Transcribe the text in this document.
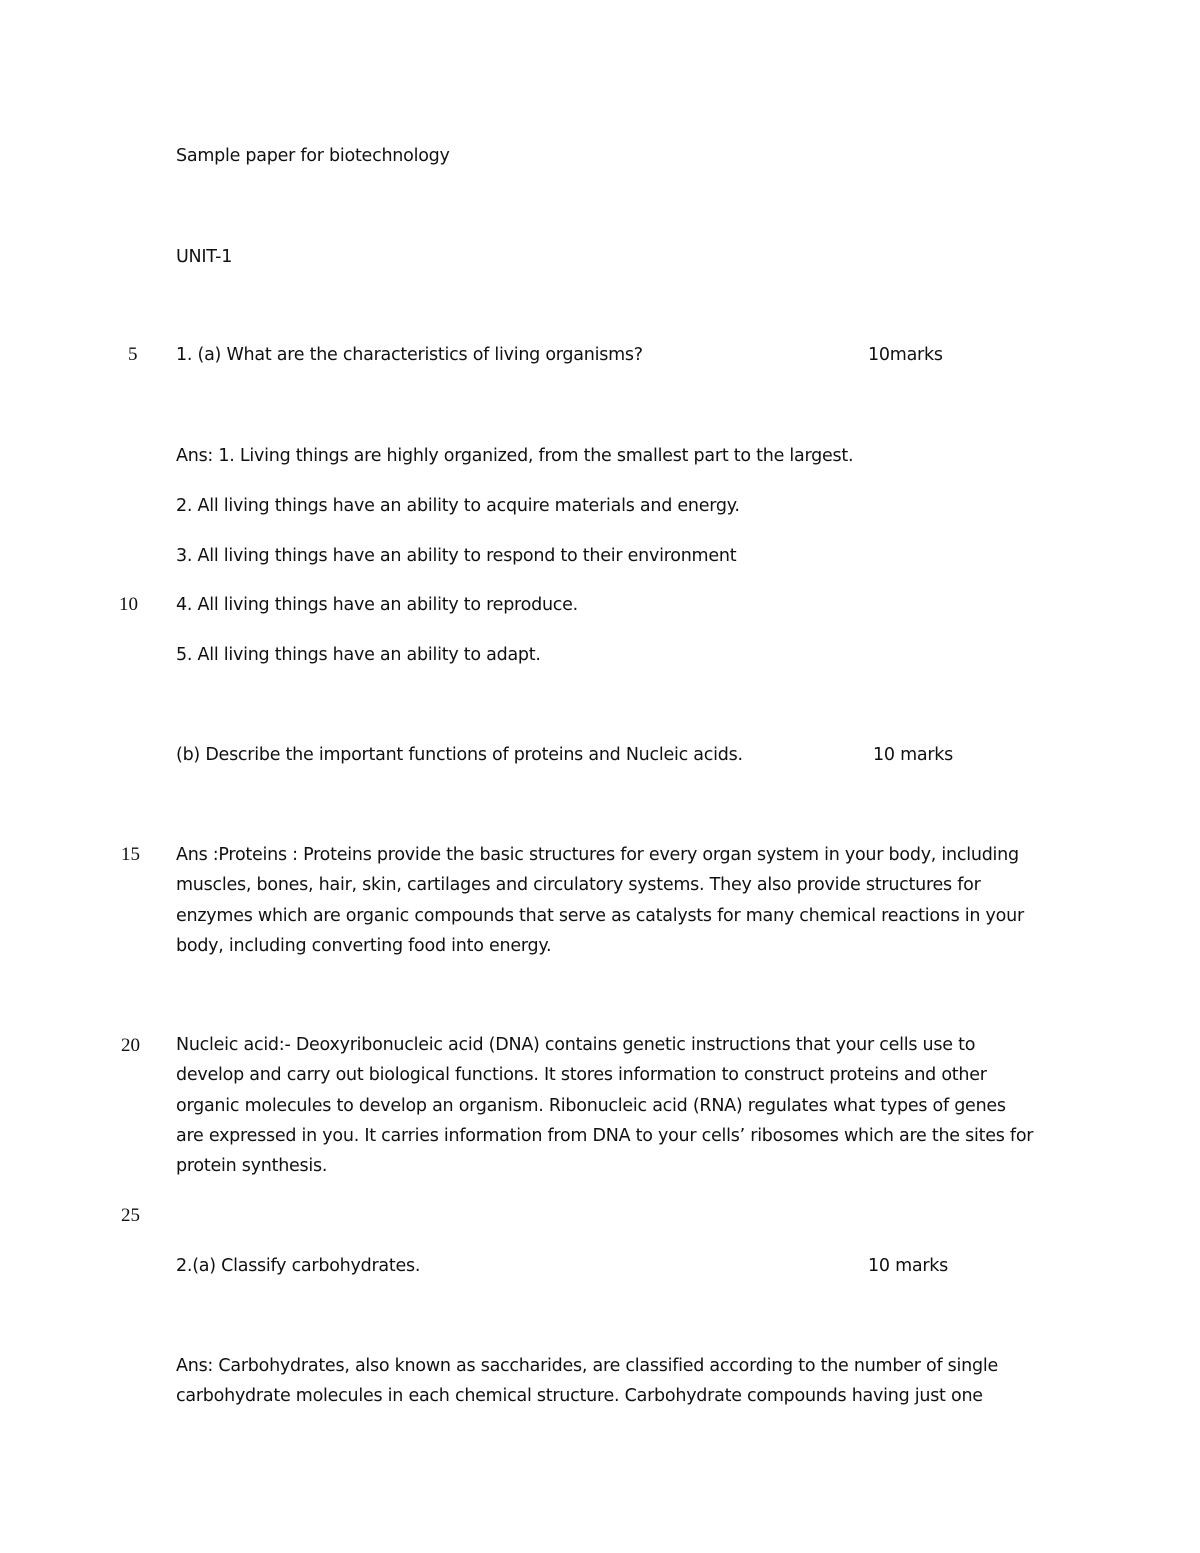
Sample paper for biotechnology
UNIT-1
5 1. (a) What are the characteristics of living organisms?	10marks
Ans: 1. Living things are highly organized, from the smallest part to the largest.
2. All living things have an ability to acquire materials and energy.
3. All living things have an ability to respond to their environment
10 4. All living things have an ability to reproduce.
5. All living things have an ability to adapt.
(b) Describe the important functions of proteins and Nucleic acids.	10 marks
15 Ans :Proteins : Proteins provide the basic structures for every organ system in your body, including muscles, bones, hair, skin, cartilages and circulatory systems. They also provide structures for enzymes which are organic compounds that serve as catalysts for many chemical reactions in your body, including converting food into energy.
20 Nucleic acid:- Deoxyribonucleic acid (DNA) contains genetic instructions that your cells use to develop and carry out biological functions. It stores information to construct proteins and other organic molecules to develop an organism. Ribonucleic acid (RNA) regulates what types of genes are expressed in you. It carries information from DNA to your cells’ ribosomes which are the sites for protein synthesis.
25
2.(a) Classify carbohydrates.	10 marks
Ans: Carbohydrates, also known as saccharides, are classified according to the number of single carbohydrate molecules in each chemical structure. Carbohydrate compounds having just one
